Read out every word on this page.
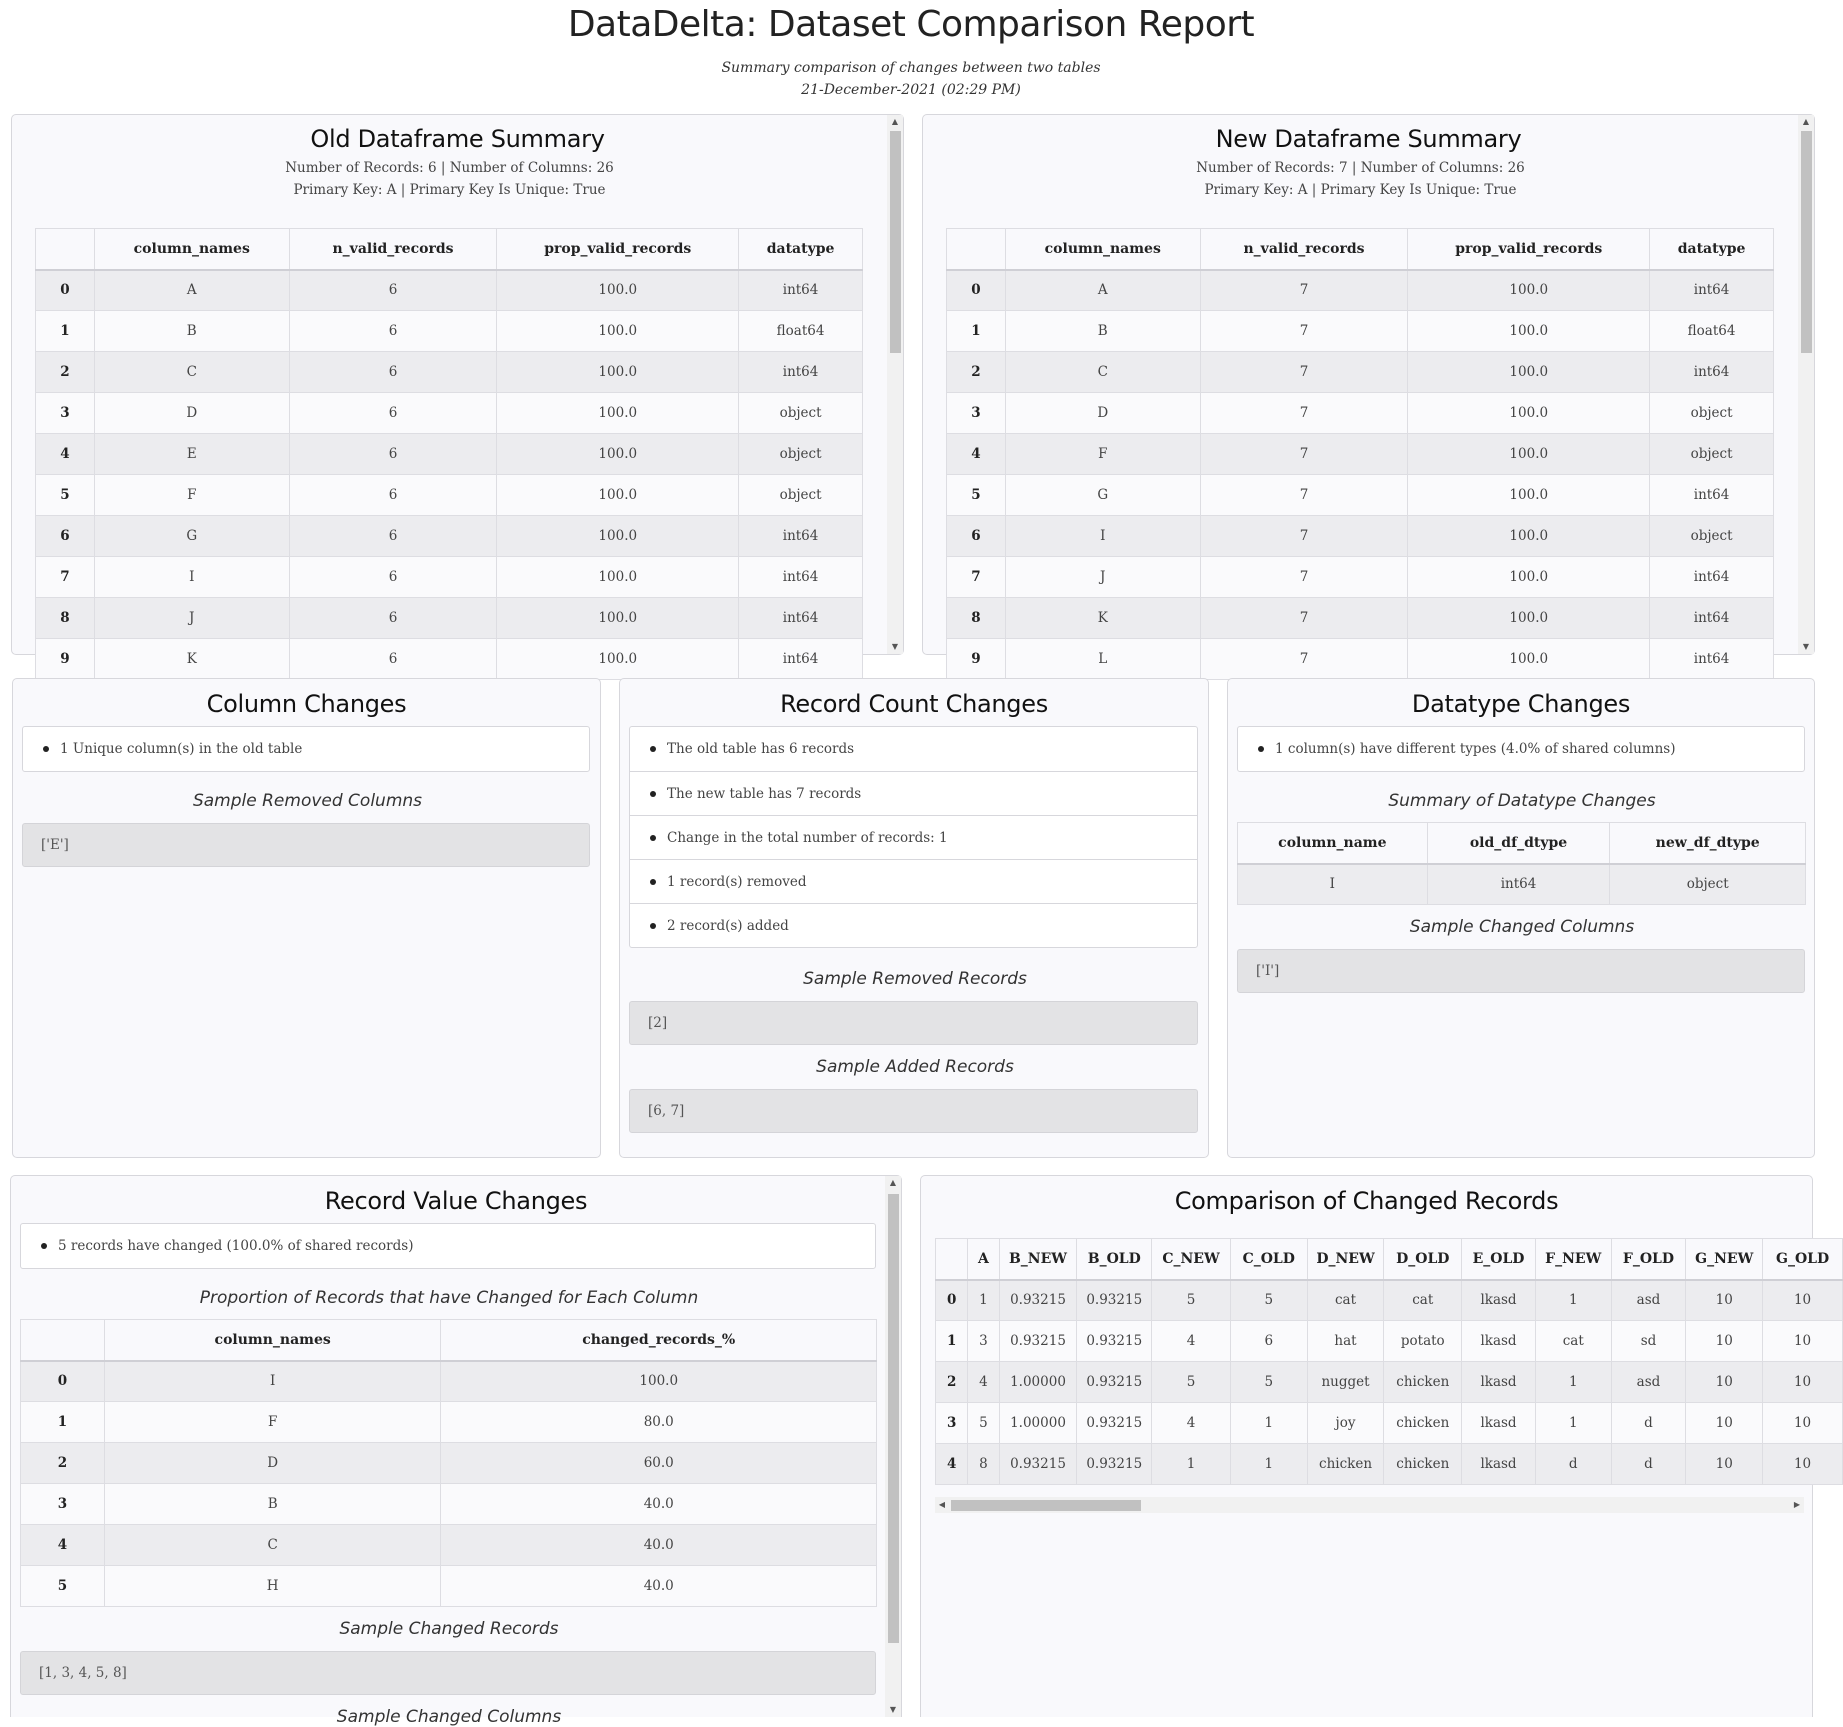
DataDelta: Dataset Comparison Report
Summary comparison of changes between two tables
21-December-2021 (02:29 PM)
Old Dataframe Summary
Number of Records: 6 | Number of Columns: 26
Primary Key: A | Primary Key Is Unique: True
	column_names	n_valid_records	prop_valid_records	datatype
0	A	6	100.0	int64
1	B	6	100.0	float64
2	C	6	100.0	int64
3	D	6	100.0	object
4	E	6	100.0	object
5	F	6	100.0	object
6	G	6	100.0	int64
7	I	6	100.0	int64
8	J	6	100.0	int64
9	K	6	100.0	int64
▲
▼
New Dataframe Summary
Number of Records: 7 | Number of Columns: 26
Primary Key: A | Primary Key Is Unique: True
	column_names	n_valid_records	prop_valid_records	datatype
0	A	7	100.0	int64
1	B	7	100.0	float64
2	C	7	100.0	int64
3	D	7	100.0	object
4	F	7	100.0	object
5	G	7	100.0	int64
6	I	7	100.0	object
7	J	7	100.0	int64
8	K	7	100.0	int64
9	L	7	100.0	int64
▲
▼
Column Changes
1 Unique column(s) in the old table
Sample Removed Columns
['E']
Record Count Changes
The old table has 6 records
The new table has 7 records
Change in the total number of records: 1
1 record(s) removed
2 record(s) added
Sample Removed Records
[2]
Sample Added Records
[6, 7]
Datatype Changes
1 column(s) have different types (4.0% of shared columns)
Summary of Datatype Changes
column_name	old_df_dtype	new_df_dtype
I	int64	object
Sample Changed Columns
['I']
Record Value Changes
5 records have changed (100.0% of shared records)
Proportion of Records that have Changed for Each Column
	column_names	changed_records_%
0	I	100.0
1	F	80.0
2	D	60.0
3	B	40.0
4	C	40.0
5	H	40.0
Sample Changed Records
[1, 3, 4, 5, 8]
Sample Changed Columns
▲
▼
Comparison of Changed Records
	A	B_NEW	B_OLD	C_NEW	C_OLD	D_NEW	D_OLD	E_OLD	F_NEW	F_OLD	G_NEW	G_OLD
0	1	0.93215	0.93215	5	5	cat	cat	lkasd	1	asd	10	10
1	3	0.93215	0.93215	4	6	hat	potato	lkasd	cat	sd	10	10
2	4	1.00000	0.93215	5	5	nugget	chicken	lkasd	1	asd	10	10
3	5	1.00000	0.93215	4	1	joy	chicken	lkasd	1	d	10	10
4	8	0.93215	0.93215	1	1	chicken	chicken	lkasd	d	d	10	10
◀	▶
